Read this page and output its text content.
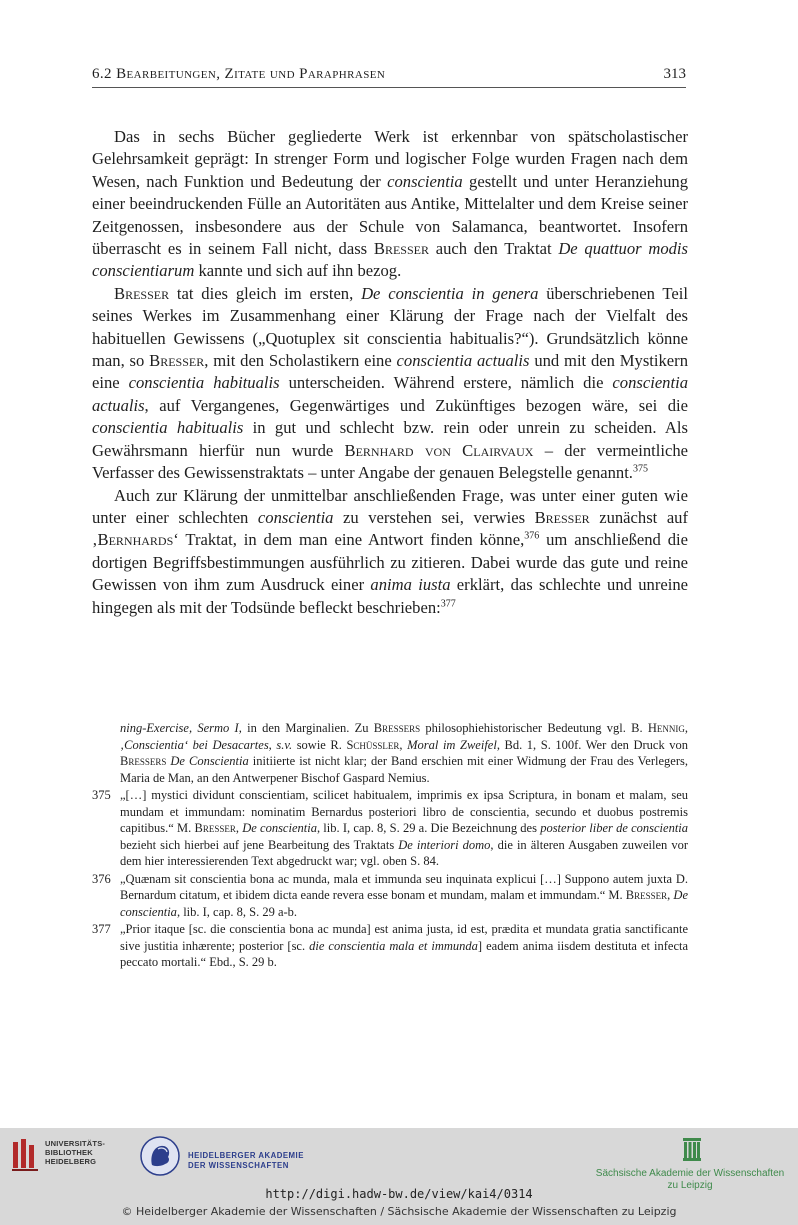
6.2 Bearbeitungen, Zitate und Paraphrasen	313

Das in sechs Bücher gegliederte Werk ist erkennbar von spätscholastischer Gelehrsamkeit geprägt: In strenger Form und logischer Folge wurden Fragen nach dem Wesen, nach Funktion und Bedeutung der conscientia gestellt und unter Heranziehung einer beeindruckenden Fülle an Autoritäten aus Antike, Mittelalter und dem Kreise seiner Zeitgenossen, insbesondere aus der Schule von Salamanca, beantwortet. Insofern überrascht es in seinem Fall nicht, dass Bresser auch den Traktat De quattuor modis conscientiarum kannte und sich auf ihn bezog.

Bresser tat dies gleich im ersten, De conscientia in genera überschriebenen Teil seines Werkes im Zusammenhang einer Klärung der Frage nach der Vielfalt des habituellen Gewissens („Quotuplex sit conscientia habitualis?“). Grundsätzlich könne man, so Bresser, mit den Scholastikern eine conscientia actualis und mit den Mystikern eine conscientia habitualis unterscheiden. Während erstere, nämlich die conscientia actualis, auf Vergangenes, Gegenwärtiges und Zukünftiges bezogen wäre, sei die conscientia habitualis in gut und schlecht bzw. rein oder unrein zu scheiden. Als Gewährsmann hierfür nun wurde Bernhard von Clairvaux – der vermeintliche Verfasser des Gewissenstraktats – unter Angabe der genauen Belegstelle genannt.$^{375}$

Auch zur Klärung der unmittelbar anschließenden Frage, was unter einer guten wie unter einer schlechten conscientia zu verstehen sei, verwies Bresser zunächst auf ‚Bernhards‘ Traktat, in dem man eine Antwort finden könne,$^{376}$ um anschließend die dortigen Begriffsbestimmungen ausführlich zu zitieren. Dabei wurde das gute und reine Gewissen von ihm zum Ausdruck einer anima iusta erklärt, das schlechte und unreine hingegen als mit der Todsünde befleckt beschrieben:$^{377}$

ning-Exercise, Sermo I, in den Marginalien. Zu Bressers philosophiehistorischer Bedeutung vgl. B. Hennig, ‚Conscientia‘ bei Desacartes, s.v. sowie R. Schüssler, Moral im Zweifel, Bd. 1, S. 100f. Wer den Druck von Bressers De Conscientia initiierte ist nicht klar; der Band erschien mit einer Widmung der Frau des Verlegers, Maria de Man, an den Antwerpener Bischof Gaspard Nemius.

375 „[…] mystici dividunt conscientiam, scilicet habitualem, imprimis ex ipsa Scriptura, in bonam et malam, seu mundam et immundam: nominatim Bernardus posteriori libro de conscientia, secundo et duobus postremis capitibus.“ M. Bresser, De conscientia, lib. I, cap. 8, S. 29 a. Die Bezeichnung des posterior liber de conscientia bezieht sich hierbei auf jene Bearbeitung des Traktats De interiori domo, die in älteren Ausgaben zuweilen vor dem hier interessierenden Text abgedruckt war; vgl. oben S. 84.

376 „Quænam sit conscientia bona ac munda, mala et immunda seu inquinata explicui […] Suppono autem juxta D. Bernardum citatum, et ibidem dicta eande revera esse bonam et mundam, malam et immundam.“ M. Bresser, De conscientia, lib. I, cap. 8, S. 29 a-b.

377 „Prior itaque [sc. die conscientia bona ac munda] est anima justa, id est, prædita et mundata gratia sanctificante sive justitia inhærente; posterior [sc. die conscientia mala et immunda] eadem anima iisdem destituta et infecta peccato mortali.“ Ebd., S. 29 b.

UNIVERSITÄTS-
BIBLIOTHEK
HEIDELBERG
HEIDELBERGER AKADEMIE
DER WISSENSCHAFTEN
Sächsische Akademie der Wissenschaften
zu Leipzig
http://digi.hadw-bw.de/view/kai4/0314
© Heidelberger Akademie der Wissenschaften / Sächsische Akademie der Wissenschaften zu Leipzig
